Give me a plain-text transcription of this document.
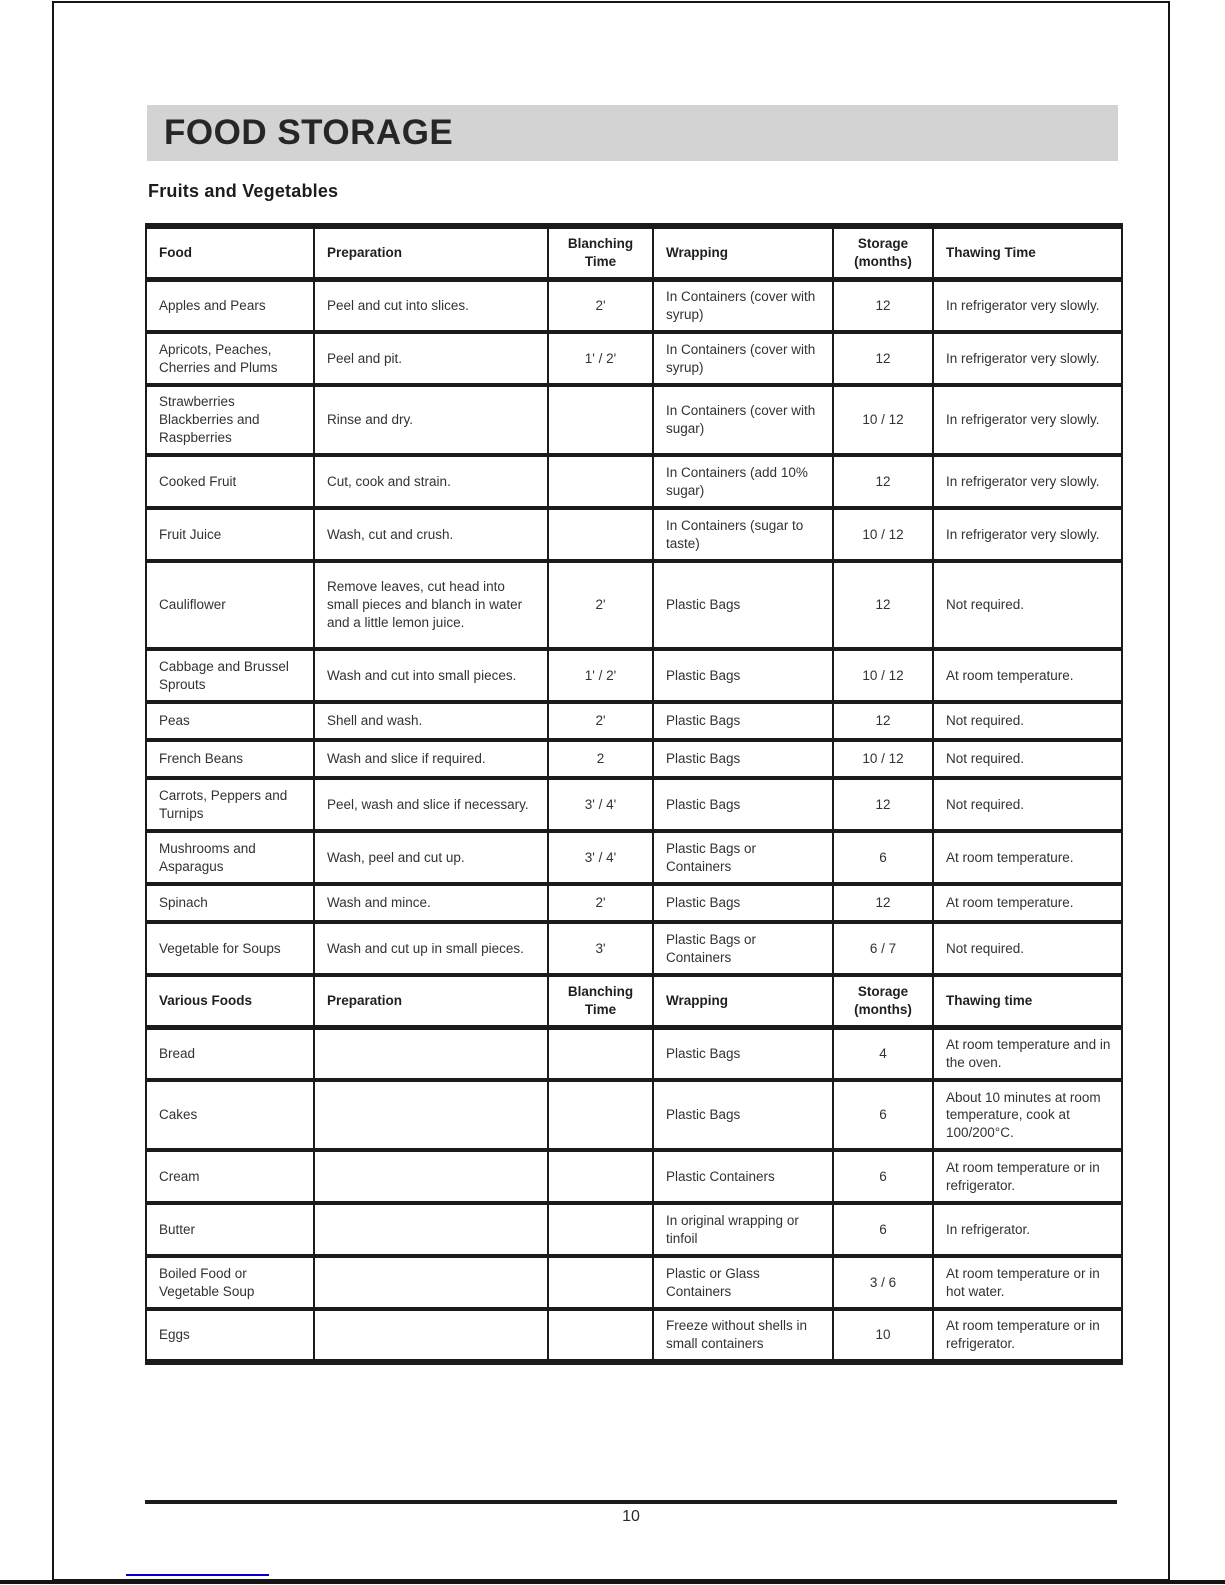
FOOD STORAGE
Fruits and Vegetables
Food	Preparation	Blanching Time	Wrapping	Storage (months)	Thawing Time
Apples and Pears	Peel and cut into slices.	2'	In Containers (cover with syrup)	12	In refrigerator very slowly.
Apricots, Peaches, Cherries and Plums	Peel and pit.	1' / 2'	In Containers (cover with syrup)	12	In refrigerator very slowly.
Strawberries Blackberries and Raspberries	Rinse and dry.		In Containers (cover with sugar)	10 / 12	In refrigerator very slowly.
Cooked Fruit	Cut, cook and strain.		In Containers (add 10% sugar)	12	In refrigerator very slowly.
Fruit Juice	Wash, cut and crush.		In Containers (sugar to taste)	10 / 12	In refrigerator very slowly.
Cauliflower	Remove leaves, cut head into small pieces and blanch in water and a little lemon juice.	2'	Plastic Bags	12	Not required.
Cabbage and Brussel Sprouts	Wash and cut into small pieces.	1' / 2'	Plastic Bags	10 / 12	At room temperature.
Peas	Shell and wash.	2'	Plastic Bags	12	Not required.
French Beans	Wash and slice if required.	2	Plastic Bags	10 / 12	Not required.
Carrots, Peppers and Turnips	Peel, wash and slice if necessary.	3' / 4'	Plastic Bags	12	Not required.
Mushrooms and Asparagus	Wash, peel and cut up.	3' / 4'	Plastic Bags or Containers	6	At room temperature.
Spinach	Wash and mince.	2'	Plastic Bags	12	At room temperature.
Vegetable for Soups	Wash and cut up in small pieces.	3'	Plastic Bags or Containers	6 / 7	Not required.
Various Foods	Preparation	Blanching Time	Wrapping	Storage (months)	Thawing time
Bread			Plastic Bags	4	At room temperature and in the oven.
Cakes			Plastic Bags	6	About 10 minutes at room temperature, cook at 100/200°C.
Cream			Plastic Containers	6	At room temperature or in refrigerator.
Butter			In original wrapping or tinfoil	6	In refrigerator.
Boiled Food or Vegetable Soup			Plastic or Glass Containers	3 / 6	At room temperature or in hot water.
Eggs			Freeze without shells in small containers	10	At room temperature or in refrigerator.
10
